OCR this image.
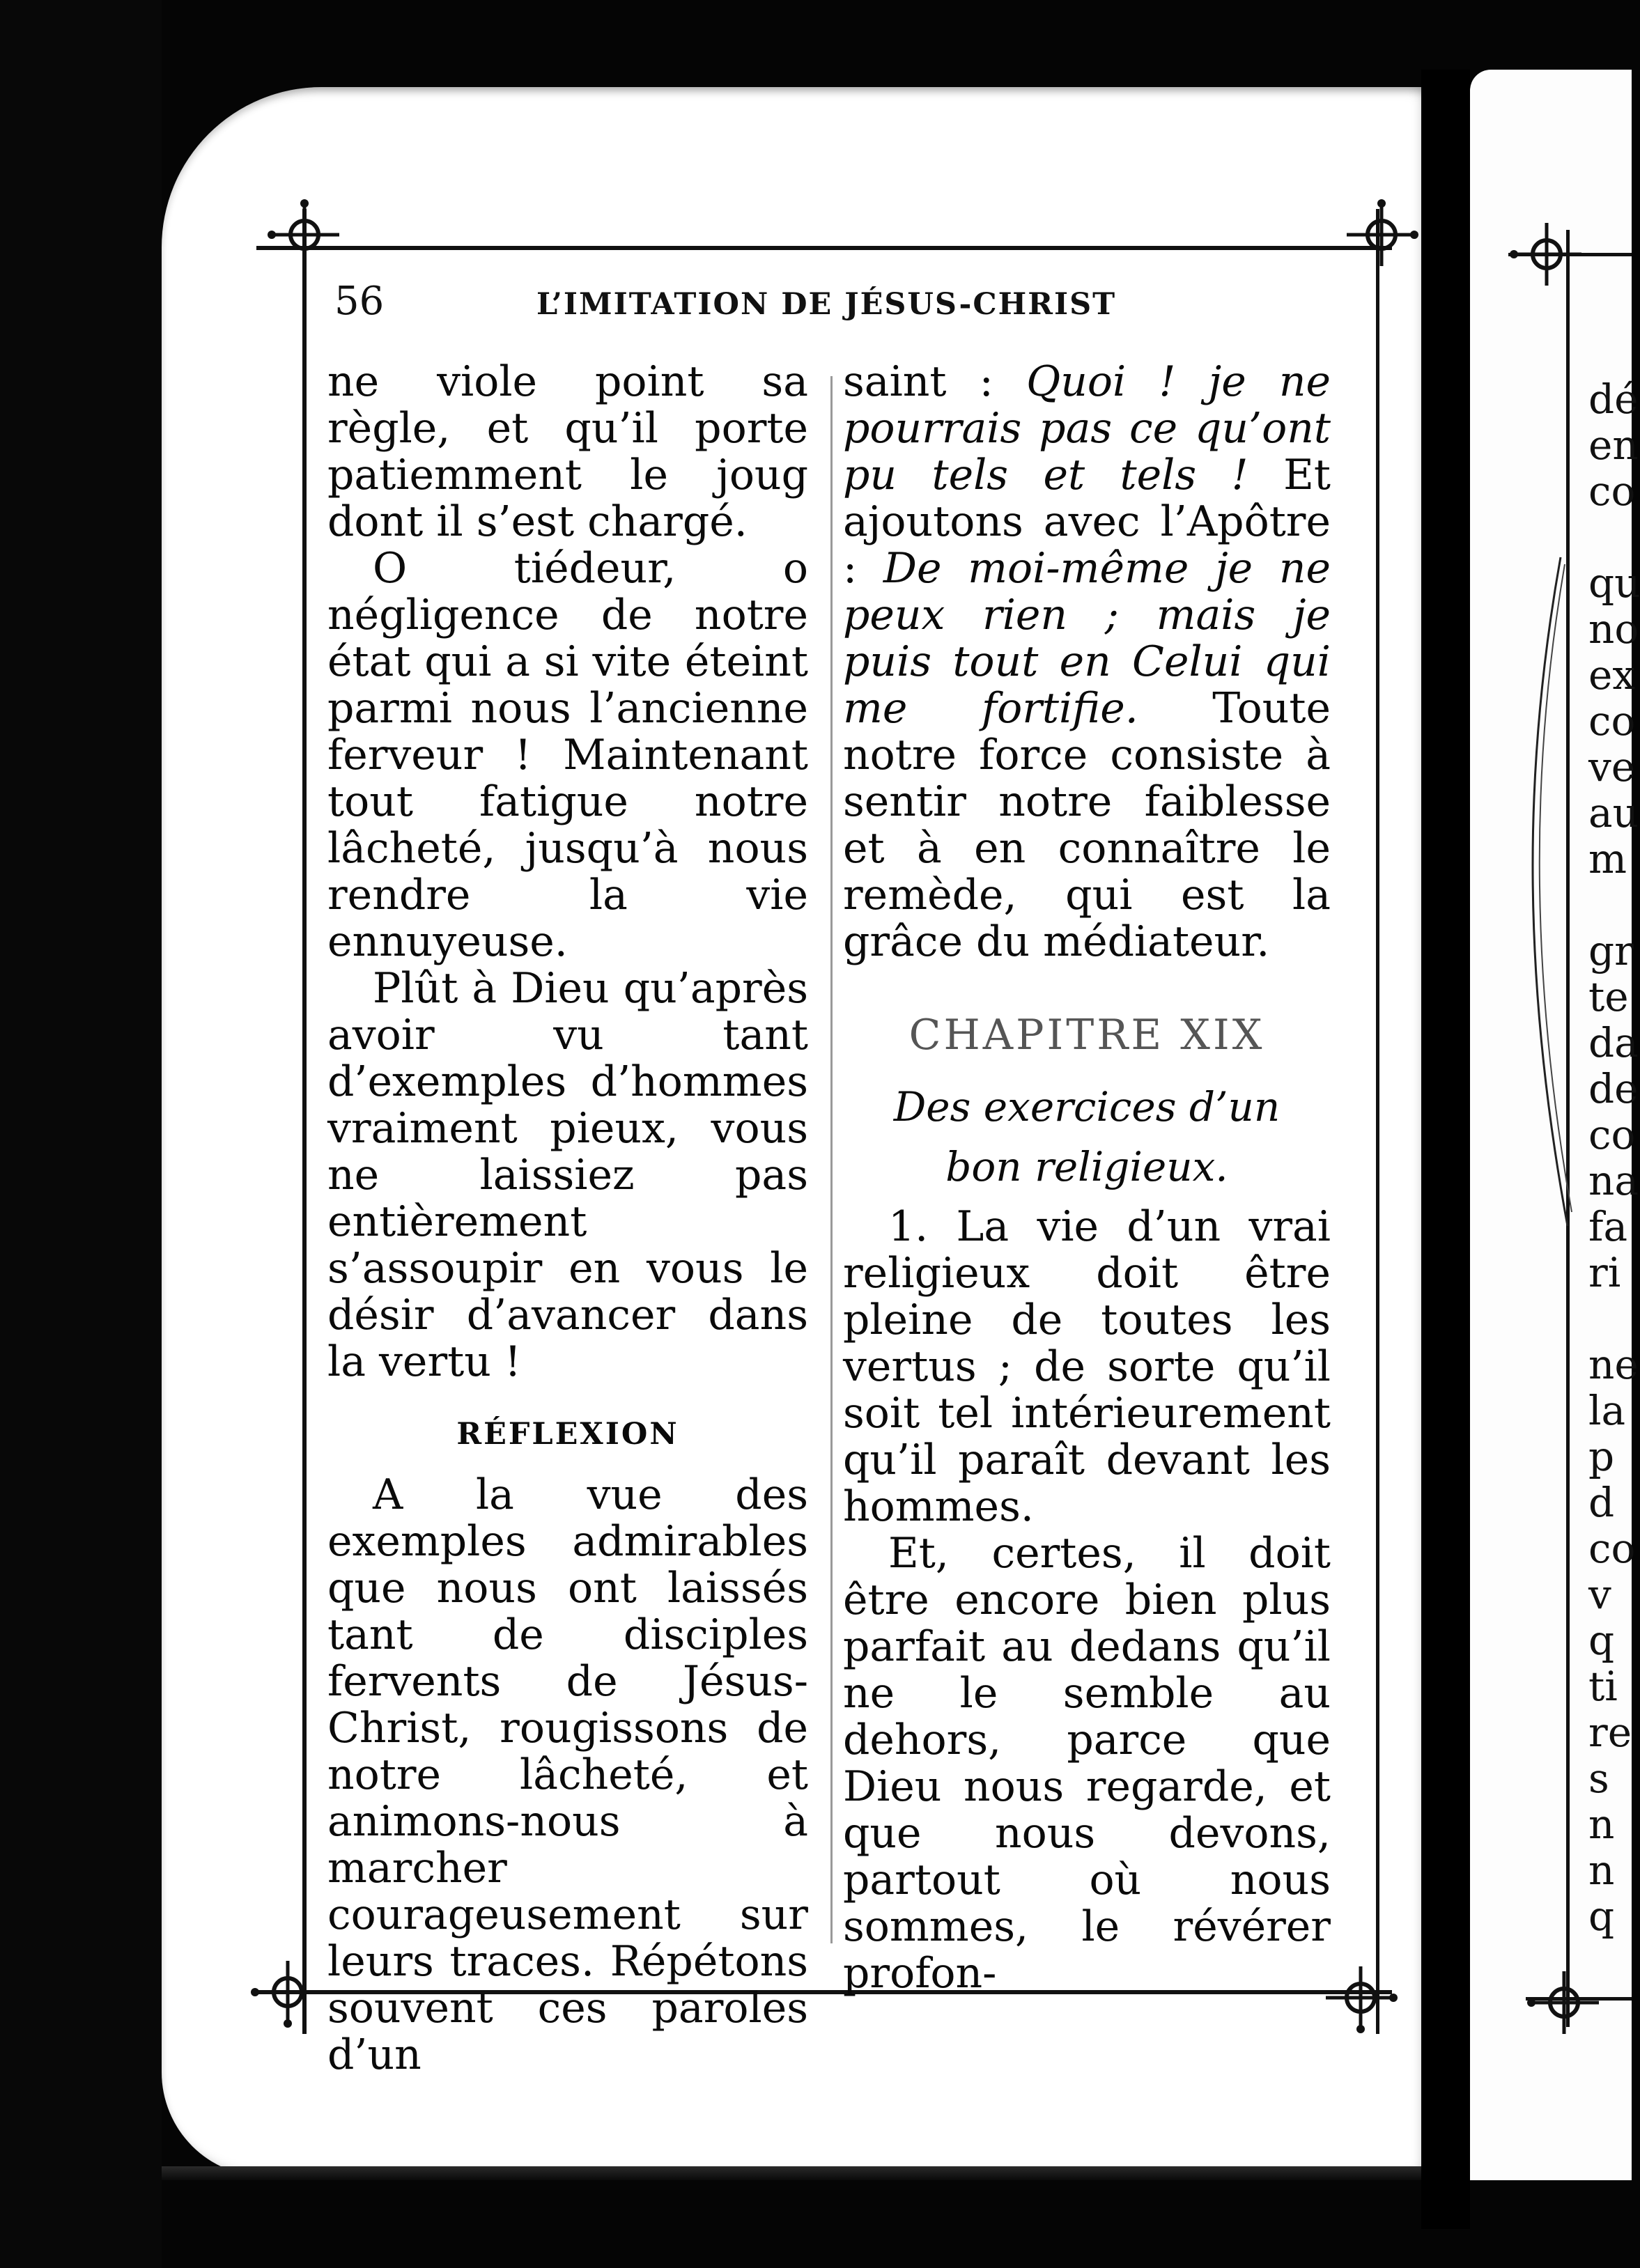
56	L’IMITATION DE JÉSUS-CHRIST

ne viole point sa règle, et qu’il porte patiemment le joug dont il s’est chargé.

O tiédeur, o négligence de notre état qui a si vite éteint parmi nous l’ancienne ferveur ! Maintenant tout fatigue notre lâcheté, jusqu’à nous rendre la vie ennuyeuse.

Plût à Dieu qu’après avoir vu tant d’exemples d’hommes vraiment pieux, vous ne laissiez pas entièrement s’assoupir en vous le désir d’avancer dans la vertu !

RÉFLEXION

A la vue des exemples admirables que nous ont laissés tant de disciples fervents de Jésus-Christ, rougissons de notre lâcheté, et animons-nous à marcher courageusement sur leurs traces. Répétons souvent ces paroles d’un

saint : Quoi ! je ne pourrais pas ce qu’ont pu tels et tels ! Et ajoutons avec l’Apôtre : De moi-même je ne peux rien ; mais je puis tout en Celui qui me fortifie. Toute notre force consiste à sentir notre faiblesse et à en connaître le remède, qui est la grâce du médiateur.

CHAPITRE XIX
Des exercices d’un
bon religieux.

1. La vie d’un vrai religieux doit être pleine de toutes les vertus ; de sorte qu’il soit tel intérieurement qu’il paraît devant les hommes.

Et, certes, il doit être encore bien plus parfait au dedans qu’il ne le semble au dehors, parce que Dieu nous regarde, et que nous devons, partout où nous sommes, le révérer profon-

dé
en
co
qu
no
ex
co
ve
au
m
gr
te
da
de
co
na
fa
ri
ne
la
p
d
co
v
q
ti
re
s
n
n
q
